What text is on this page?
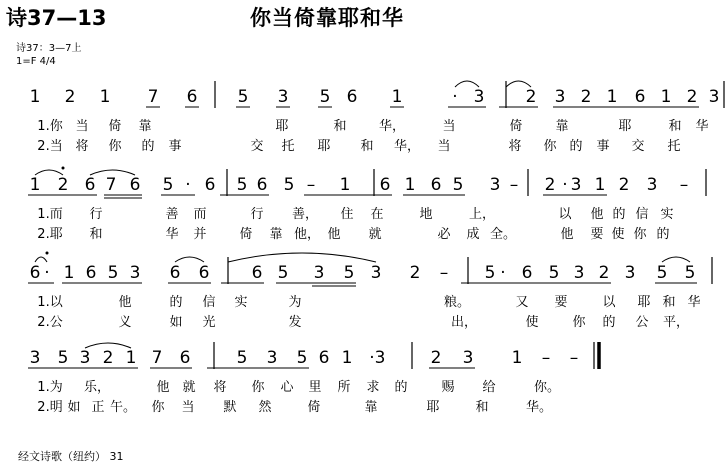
诗37—13	你当倚靠耶和华
诗37：3—7上
1=F 4/4
经文诗歌（纽约） 31
1 2 1 7 6 5 3 5 6 1	· 3 2 3 2 1 6 1 2 3
1.你 当 倚 靠	耶	和 华，	当	倚	靠	耶	和 华
2.当 将 你 的 事	交 托 耶 和 华， 当	将 你 的 事 交 托
1 2 6 7 6 5 · 6 5 6 5 – 1 6 1 6 5 3 – 2 · 3 1 2 3 –
1.而 行	善 而	行 善， 住 在	地	上，	以 他 的 信 实
2.耶 和	华 并	倚 靠 他， 他 就	必 成 全。	他 要 使 你 的
6 · 1 6 5 3 6 6 6 5 3 5 3 2 – 5 · 6 5 3 2 3 5 5
1.以	他	的 信 实	为	粮。	又 要	以 耶 和 华
2.公	义	如 光	发	出，	使	你 的 公 平，
3 5 3 2 1 7 6	5 3 5 6 1 · 3	2 3 1 – –
1.为 乐，	他 就 将 你 心 里 所 求 的	赐 给	你。
2.明 如 正 午。 你 当 默 然	倚	靠	耶	和	华。
